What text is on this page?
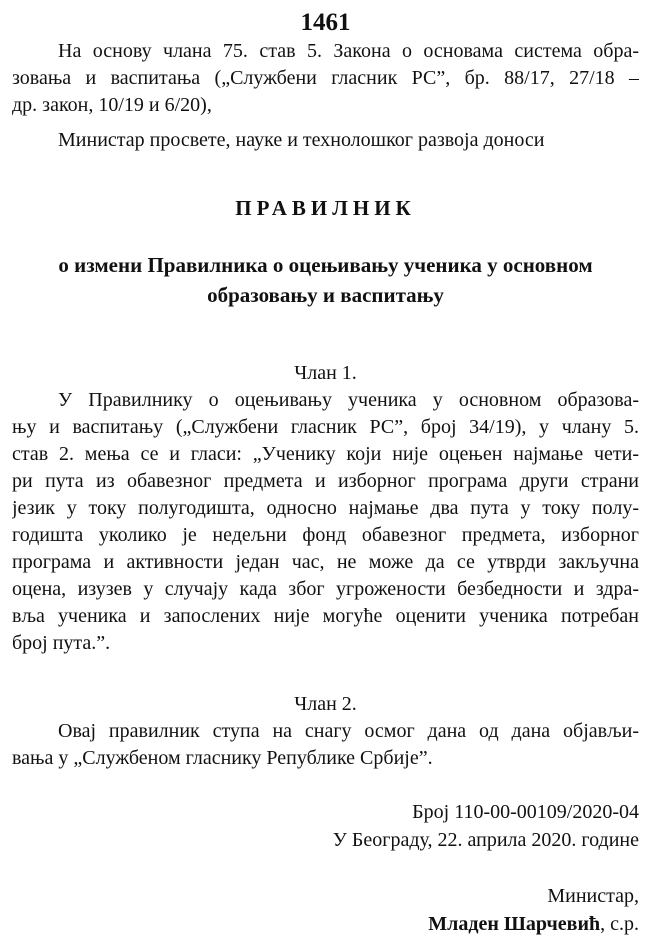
1461
На основу члана 75. став 5. Закона о основама система обра-
зовања и васпитања („Службени гласник РС”, бр. 88/17, 27/18 –
др. закон, 10/19 и 6/20),
Министар просвете, науке и технолошког развоја доноси
ПРАВИЛНИК
о измени Правилника о оцењивању ученика у основном
образовању и васпитању
Члан 1.
У Правилнику о оцењивању ученика у основном образова-
њу и васпитању („Службени гласник РС”, број 34/19), у члану 5.
став 2. мења се и гласи: „Ученику који није оцењен најмање чети-
ри пута из обавезног предмета и изборног програма други страни
језик у току полугодишта, односно најмање два пута у току полу-
годишта уколико је недељни фонд обавезног предмета, изборног
програма и активности један час, не може да се утврди закључна
оцена, изузев у случају када због угрожености безбедности и здра-
вља ученика и запослених није могуће оценити ученика потребан
број пута.”.
Члан 2.
Овај правилник ступа на снагу осмог дана од дана објављи-
вања у „Службеном гласнику Републике Србије”.
Број 110-00-00109/2020-04
У Београду, 22. априла 2020. године
Министар,
Младен Шарчевић, с.р.
